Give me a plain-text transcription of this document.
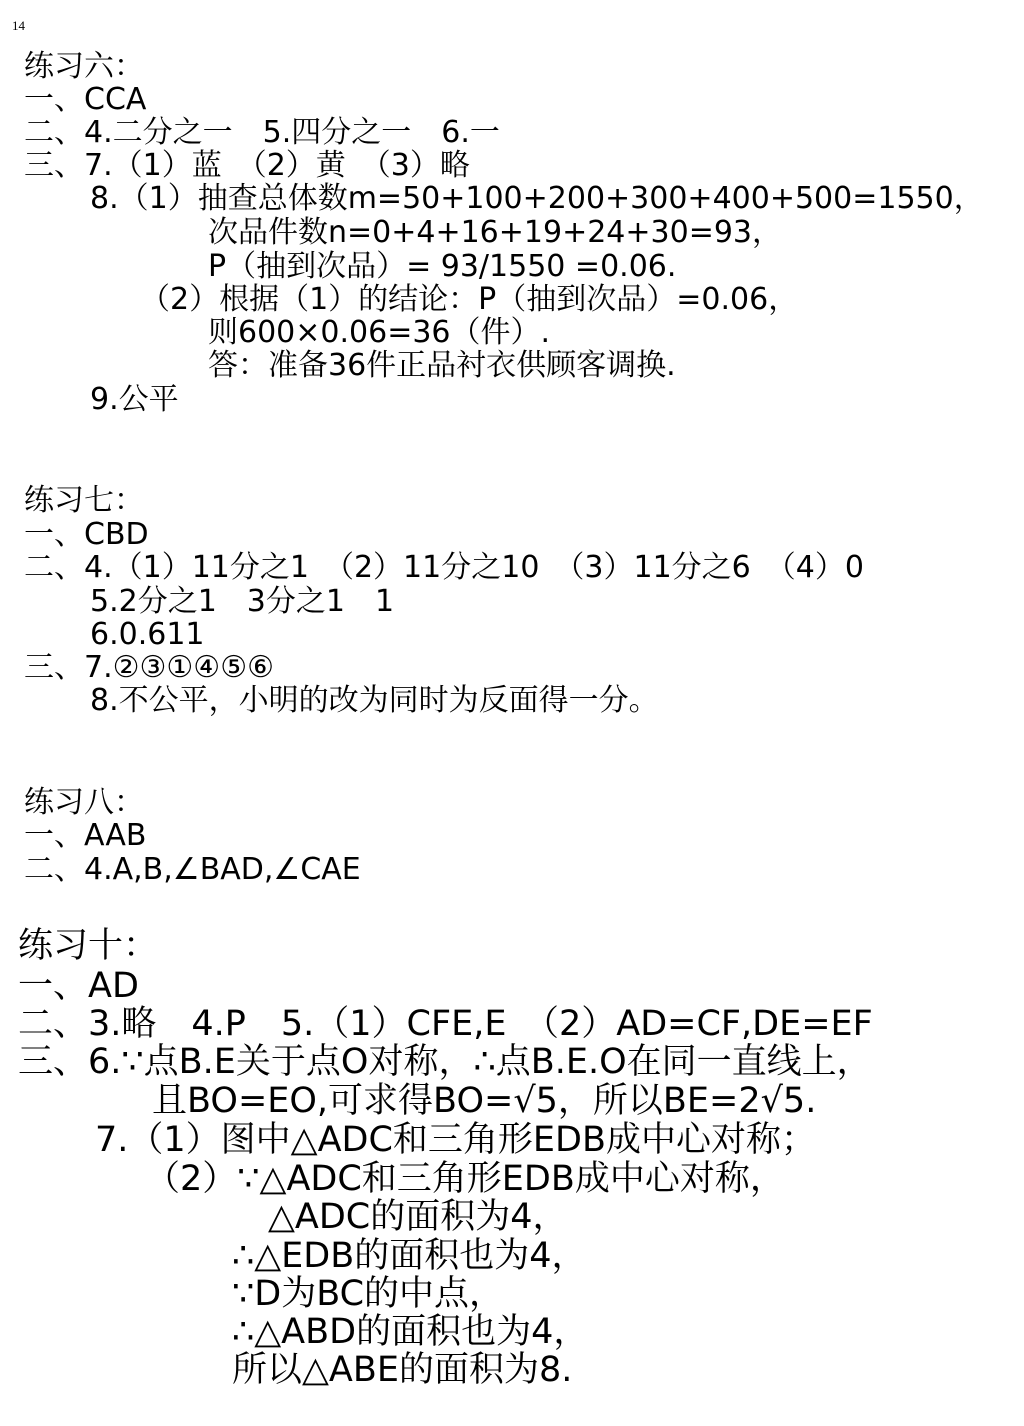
14
练习六：
一、CCA
二、4.二分之一　5.四分之一　6.一
三、7.（1）蓝　（2）黄　（3）略
8.（1）抽查总体数m=50+100+200+300+400+500=1550，
次品件数n=0+4+16+19+24+30=93，
P（抽到次品）= 93/1550 =0.06.
（2）根据（1）的结论：P（抽到次品）=0.06，
则600×0.06=36（件）.
答：准备36件正品衬衣供顾客调换.
9.公平
练习七：
一、CBD
二、4.（1）11分之1　（2）11分之10　（3）11分之6　（4）0
5.2分之1　3分之1　1
6.0.611
三、7.②③①④⑤⑥
8.不公平，小明的改为同时为反面得一分。
练习八：
一、AAB
二、4.A,B,∠BAD,∠CAE
练习十：
一、AD
二、3.略　4.P　5.（1）CFE,E　（2）AD=CF,DE=EF
三、6.∵点B.E关于点O对称，∴点B.E.O在同一直线上，
且BO=EO,可求得BO=√5，所以BE=2√5.
7.（1）图中△ADC和三角形EDB成中心对称；
（2）∵△ADC和三角形EDB成中心对称，
△ADC的面积为4，
∴△EDB的面积也为4，
∵D为BC的中点，
∴△ABD的面积也为4，
所以△ABE的面积为8.
